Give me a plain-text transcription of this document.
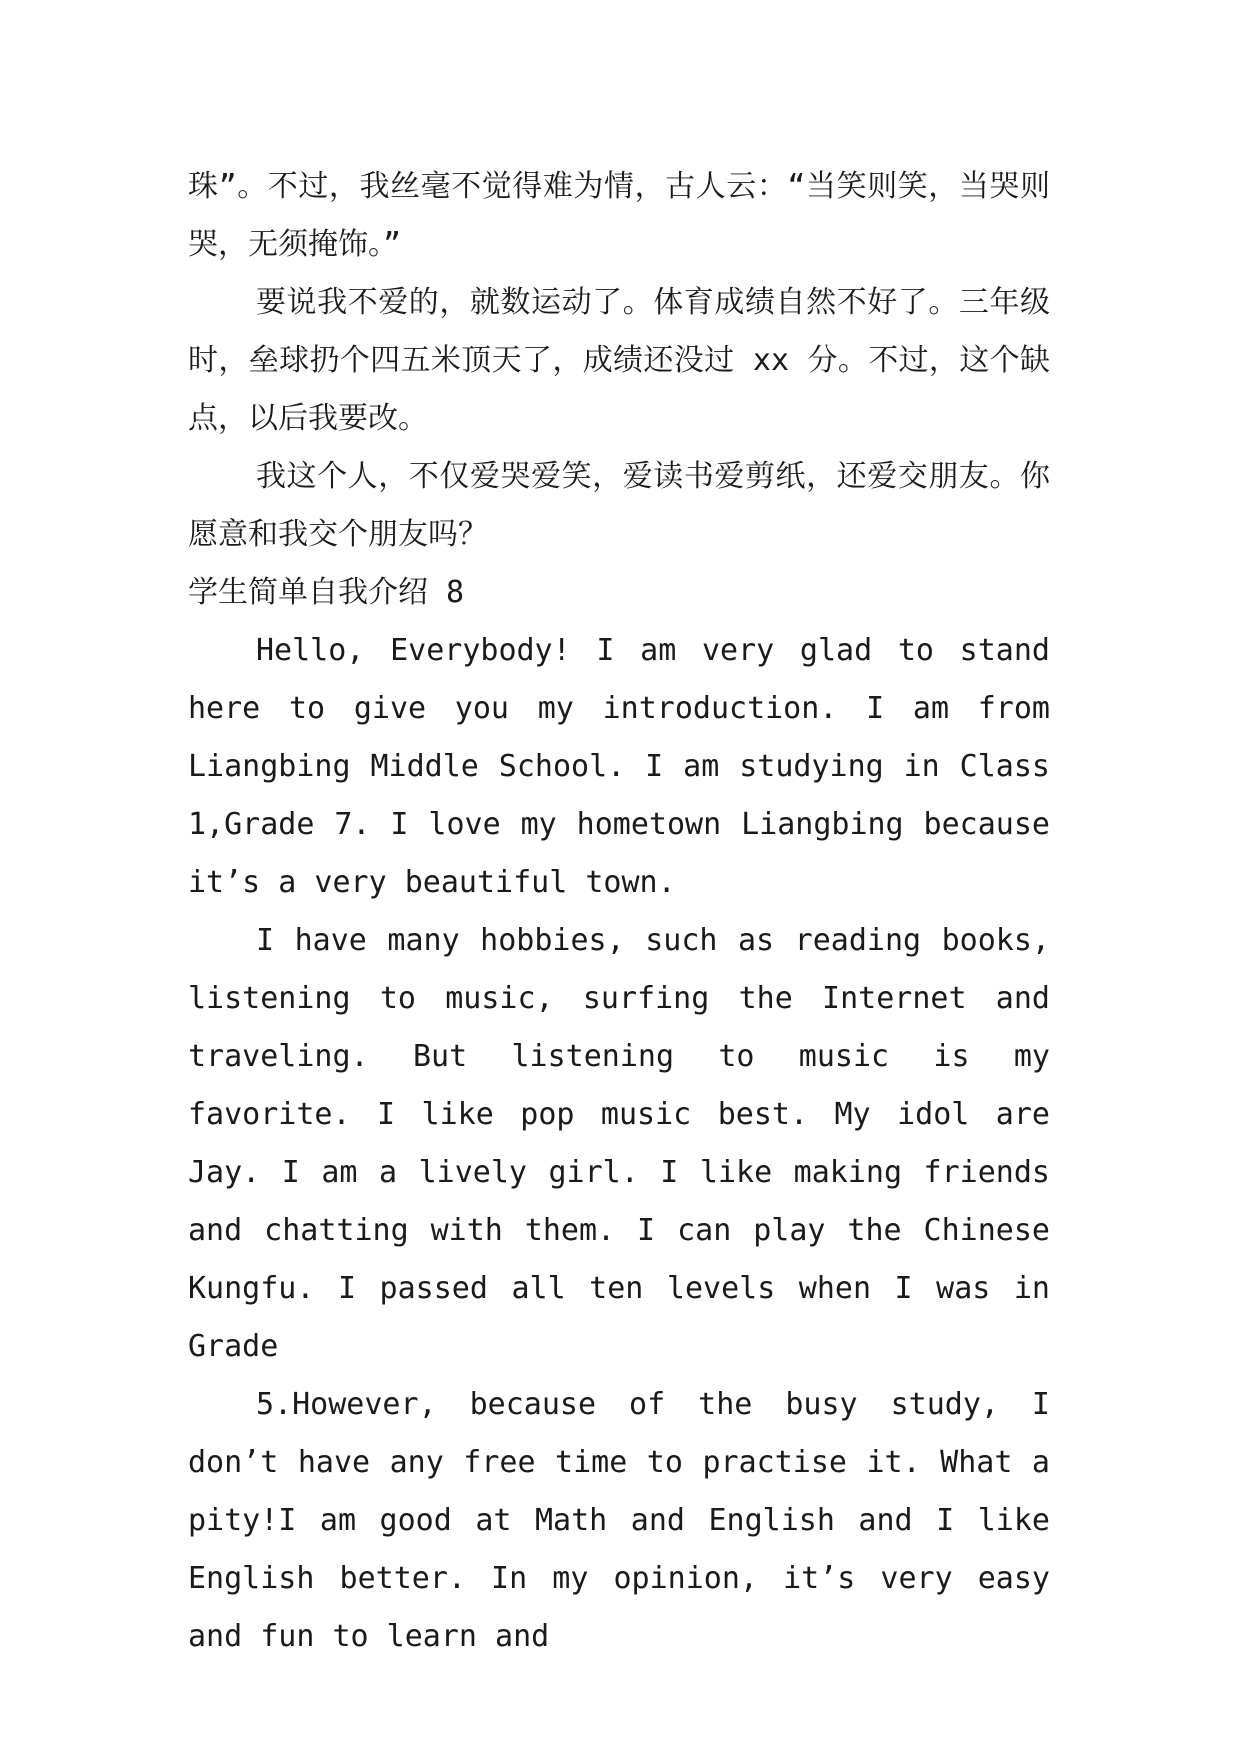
珠”。不过，我丝毫不觉得难为情，古人云：“当笑则笑，当哭则哭，无须掩饰。”

要说我不爱的，就数运动了。体育成绩自然不好了。三年级时，垒球扔个四五米顶天了，成绩还没过 xx 分。不过，这个缺点，以后我要改。

我这个人，不仅爱哭爱笑，爱读书爱剪纸，还爱交朋友。你愿意和我交个朋友吗？

学生简单自我介绍 8

Hello, Everybody! I am very glad to stand here to give you my introduction. I am from Liangbing Middle School. I am studying in Class 1,Grade 7. I love my hometown Liangbing because it’s a very beautiful town.

I have many hobbies, such as reading books, listening to music, surfing the Internet and traveling. But listening to music is my favorite. I like pop music best. My idol are Jay. I am a lively girl. I like making friends and chatting with them. I can play the Chinese Kungfu. I passed all ten levels when I was in Grade

5.However, because of the busy study, I don’t have any free time to practise it. What a pity!I am good at Math and English and I like English better. In my opinion, it’s very easy and fun to learn and
